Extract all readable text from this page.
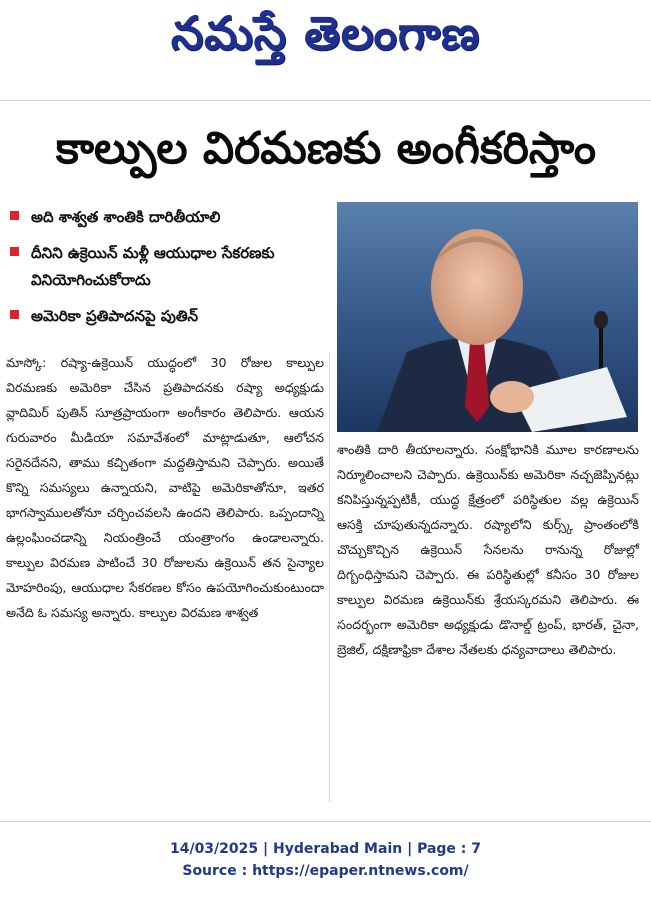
నమస్తే తెలంగాణ
కాల్పుల విరమణకు అంగీకరిస్తాం
అది శాశ్వత శాంతికి దారితీయాలి
దీనిని ఉక్రెయిన్ మళ్లీ ఆయుధాల సేకరణకు వినియోగించుకోరాదు
అమెరికా ప్రతిపాదనపై పుతిన్
మాస్కో: రష్యా-ఉక్రెయిన్ యుద్ధంలో 30 రోజుల కాల్పుల విరమణకు అమెరికా చేసిన ప్రతిపాదనకు రష్యా అధ్యక్షుడు వ్లాదిమిర్ పుతిన్ సూత్రప్రాయంగా అంగీకారం తెలిపారు. ఆయన గురువారం మీడియా సమావేశంలో మాట్లాడుతూ, ఆలోచన సరైనదేనని, తాము కచ్చితంగా మద్దతిస్తామని చెప్పారు. అయితే కొన్ని సమస్యలు ఉన్నాయని, వాటిపై అమెరికాతోనూ, ఇతర భాగస్వాములతోనూ చర్చించవలసి ఉందని తెలిపారు. ఒప్పందాన్ని ఉల్లంఘించడాన్ని నియంత్రించే యంత్రాంగం ఉండాలన్నారు. కాల్పుల విరమణ పాటించే 30 రోజులను ఉక్రెయిన్ తన సైన్యాల మోహరింపు, ఆయుధాల సేకరణల కోసం ఉపయోగించుకుంటుందా అనేది ఓ సమస్య అన్నారు. కాల్పుల విరమణ శాశ్వత
శాంతికి దారి తీయాలన్నారు. సంక్షోభానికి మూల కారణాలను నిర్మూలించాలని చెప్పారు. ఉక్రెయిన్‌కు అమెరికా నచ్చజెప్పినట్లు కనిపిస్తున్నప్పటికీ, యుద్ధ క్షేత్రంలో పరిస్థితుల వల్ల ఉక్రెయిన్ ఆసక్తి చూపుతున్నదన్నారు. రష్యాలోని కుర్స్క్ ప్రాంతంలోకి చొచ్చుకొచ్చిన ఉక్రెయిన్ సేనలను రానున్న రోజుల్లో దిగ్బంధిస్తామని చెప్పారు. ఈ పరిస్థితుల్లో కనీసం 30 రోజుల కాల్పుల విరమణ ఉక్రెయిన్‌కు శ్రేయస్కరమని తెలిపారు. ఈ సందర్భంగా అమెరికా అధ్యక్షుడు డొనాల్డ్ ట్రంప్, భారత్, చైనా, బ్రెజిల్, దక్షిణాఫ్రికా దేశాల నేతలకు ధన్యవాదాలు తెలిపారు.
14/03/2025 | Hyderabad Main | Page : 7
Source : https://epaper.ntnews.com/
